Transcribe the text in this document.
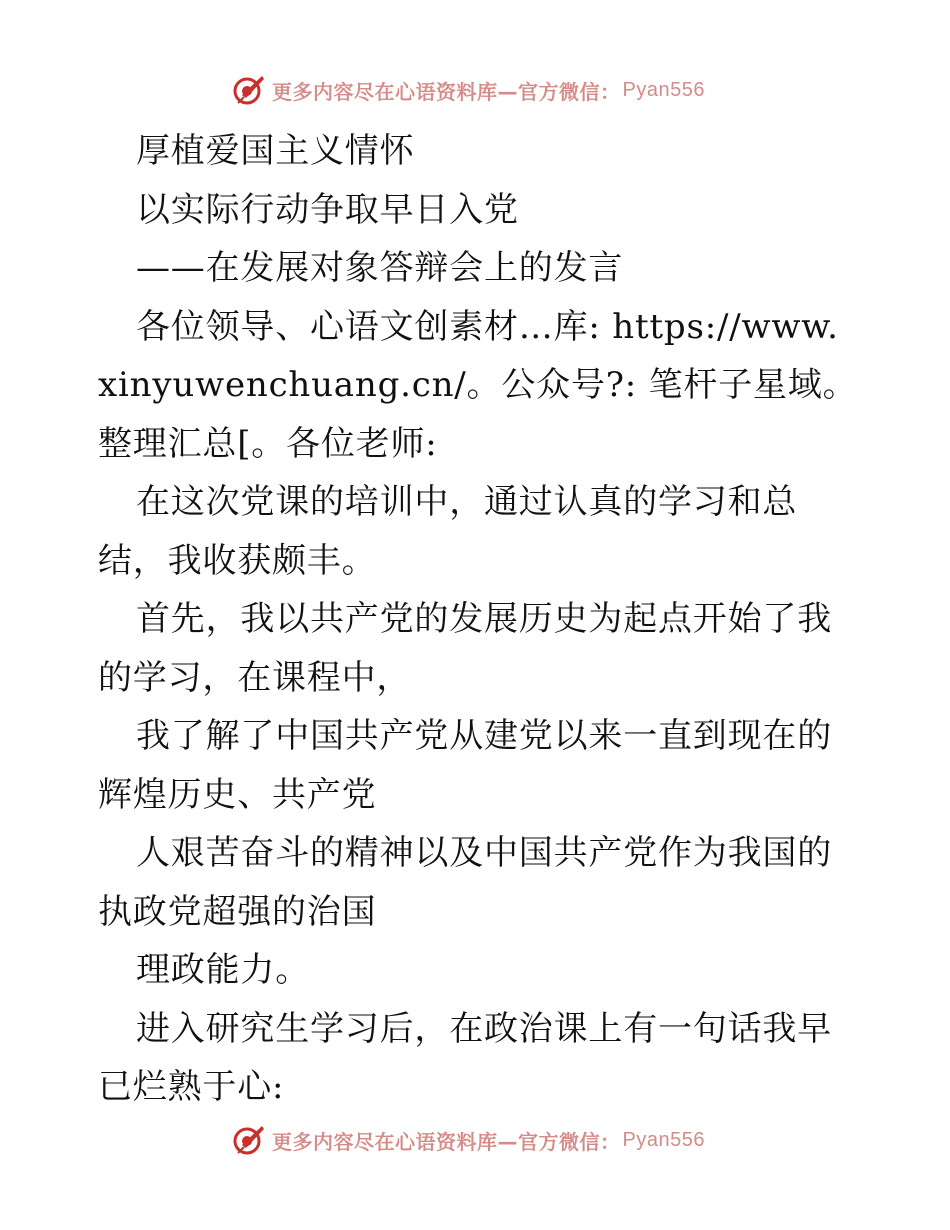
更多内容尽在心语资料库—官方微信： Pyan556

厚植爱国主义情怀

以实际行动争取早日入党

——在发展对象答辩会上的发言

各位领导、心语文创素材…库: https://www.xinyuwenchuang.cn/。公众号?: 笔杆子星域。整理汇总[。各位老师:

在这次党课的培训中，通过认真的学习和总结，我收获颇丰。

首先，我以共产党的发展历史为起点开始了我的学习，在课程中，

我了解了中国共产党从建党以来一直到现在的辉煌历史、共产党

人艰苦奋斗的精神以及中国共产党作为我国的执政党超强的治国

理政能力。

进入研究生学习后，在政治课上有一句话我早已烂熟于心:

更多内容尽在心语资料库—官方微信： Pyan556
